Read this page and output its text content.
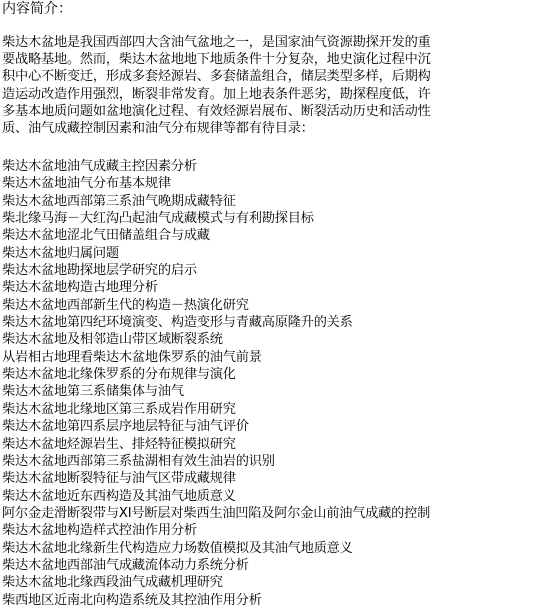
内容简介：
柴达木盆地是我国西部四大含油气盆地之一，是国家油气资源勘探开发的重
要战略基地。然而，柴达木盆地地下地质条件十分复杂，地史演化过程中沉
积中心不断变迁，形成多套烃源岩、多套储盖组合，储层类型多样，后期构
造运动改造作用强烈，断裂非常发育。加上地表条件恶劣，勘探程度低，许
多基本地质问题如盆地演化过程、有效烃源岩展布、断裂活动历史和活动性
质、油气成藏控制因素和油气分布规律等都有待目录：
柴达木盆地油气成藏主控因素分析
柴达木盆地油气分布基本规律
柴达木盆地西部第三系油气晚期成藏特征
柴北缘马海－大红沟凸起油气成藏模式与有利勘探目标
柴达木盆地涩北气田储盖组合与成藏
柴达木盆地归属问题
柴达木盆地勘探地层学研究的启示
柴达木盆地构造古地理分析
柴达木盆地西部新生代的构造－热演化研究
柴达木盆地第四纪环境演变、构造变形与青藏高原隆升的关系
柴达木盆地及相邻造山带区域断裂系统
从岩相古地理看柴达木盆地侏罗系的油气前景
柴达木盆地北缘侏罗系的分布规律与演化
柴达木盆地第三系储集体与油气
柴达木盆地北缘地区第三系成岩作用研究
柴达木盆地第四系层序地层特征与油气评价
柴达木盆地烃源岩生、排烃特征模拟研究
柴达木盆地西部第三系盐湖相有效生油岩的识别
柴达木盆地断裂特征与油气区带成藏规律
柴达木盆地近东西构造及其油气地质意义
阿尔金走滑断裂带与XI号断层对柴西生油凹陷及阿尔金山前油气成藏的控制
柴达木盆地构造样式控油作用分析
柴达木盆地北缘新生代构造应力场数值模拟及其油气地质意义
柴达木盆地西部油气成藏流体动力系统分析
柴达木盆地北缘西段油气成藏机理研究
柴西地区近南北向构造系统及其控油作用分析
